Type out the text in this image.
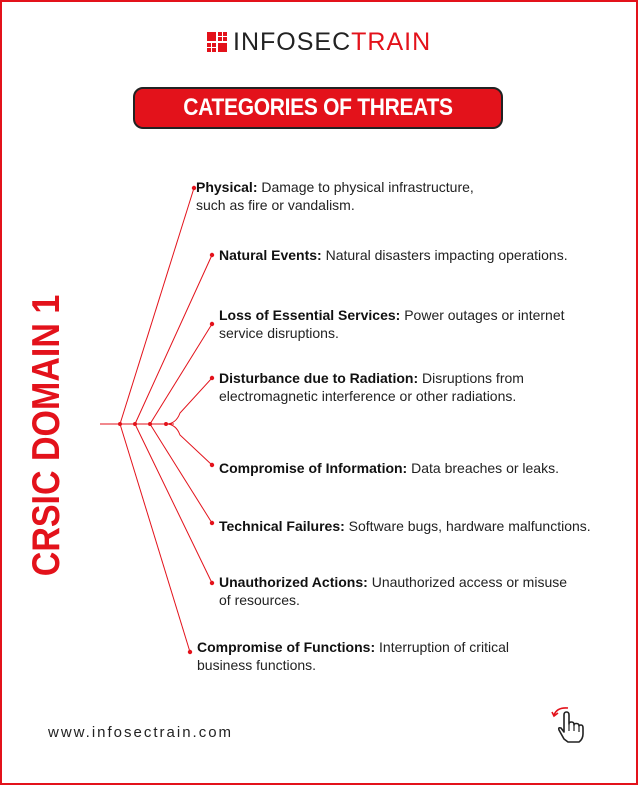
INFOSECTRAIN
CATEGORIES OF THREATS
CRSIC DOMAIN 1
Physical: Damage to physical infrastructure, such as fire or vandalism.
Natural Events: Natural disasters impacting operations.
Loss of Essential Services: Power outages or internet service disruptions.
Disturbance due to Radiation: Disruptions from electromagnetic interference or other radiations.
Compromise of Information: Data breaches or leaks.
Technical Failures: Software bugs, hardware malfunctions.
Unauthorized Actions: Unauthorized access or misuse of resources.
Compromise of Functions: Interruption of critical business functions.
www.infosectrain.com
